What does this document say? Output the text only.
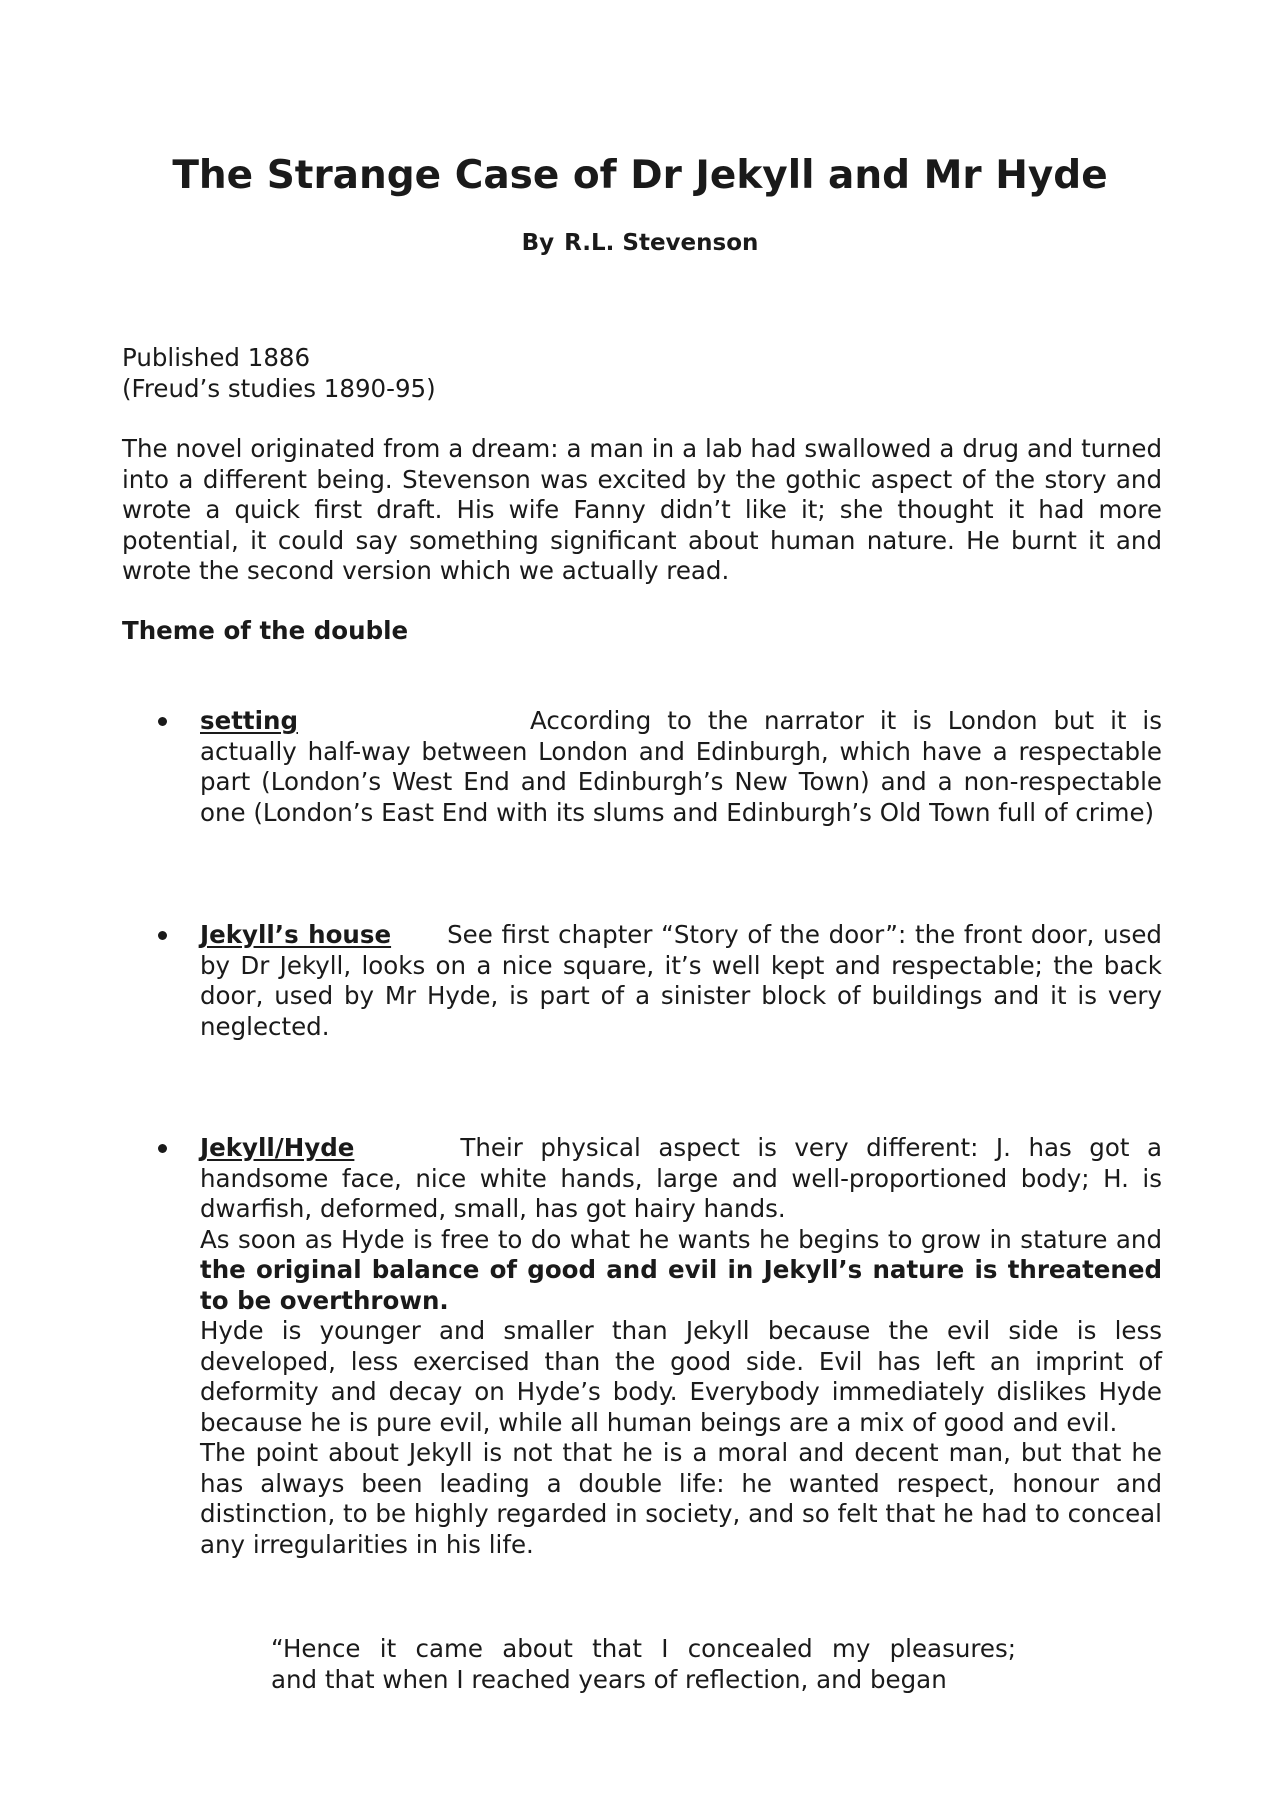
The Strange Case of Dr Jekyll and Mr Hyde
By R.L. Stevenson
Published 1886
(Freud’s studies 1890-95)

The novel originated from a dream: a man in a lab had swallowed a drug and turned into a different being. Stevenson was excited by the gothic aspect of the story and wrote a quick first draft. His wife Fanny didn’t like it; she thought it had more potential, it could say something significant about human nature. He burnt it and wrote the second version which we actually read.

Theme of the double

setting	According to the narrator it is London but it is actually half-way between London and Edinburgh, which have a respectable part (London’s West End and Edinburgh’s New Town) and a non-respectable one (London’s East End with its slums and Edinburgh’s Old Town full of crime)

Jekyll’s house See first chapter “Story of the door”: the front door, used by Dr Jekyll, looks on a nice square, it’s well kept and respectable; the back door, used by Mr Hyde, is part of a sinister block of buildings and it is very neglected.

Jekyll/Hyde	Their physical aspect is very different: J. has got a handsome face, nice white hands, large and well-proportioned body; H. is dwarfish, deformed, small, has got hairy hands.
As soon as Hyde is free to do what he wants he begins to grow in stature and the original balance of good and evil in Jekyll’s nature is threatened to be overthrown.
Hyde is younger and smaller than Jekyll because the evil side is less developed, less exercised than the good side. Evil has left an imprint of deformity and decay on Hyde’s body. Everybody immediately dislikes Hyde because he is pure evil, while all human beings are a mix of good and evil.
The point about Jekyll is not that he is a moral and decent man, but that he has always been leading a double life: he wanted respect, honour and distinction, to be highly regarded in society, and so felt that he had to conceal any irregularities in his life.
“Hence it came about that I concealed my pleasures;
and that when I reached years of reflection, and began
